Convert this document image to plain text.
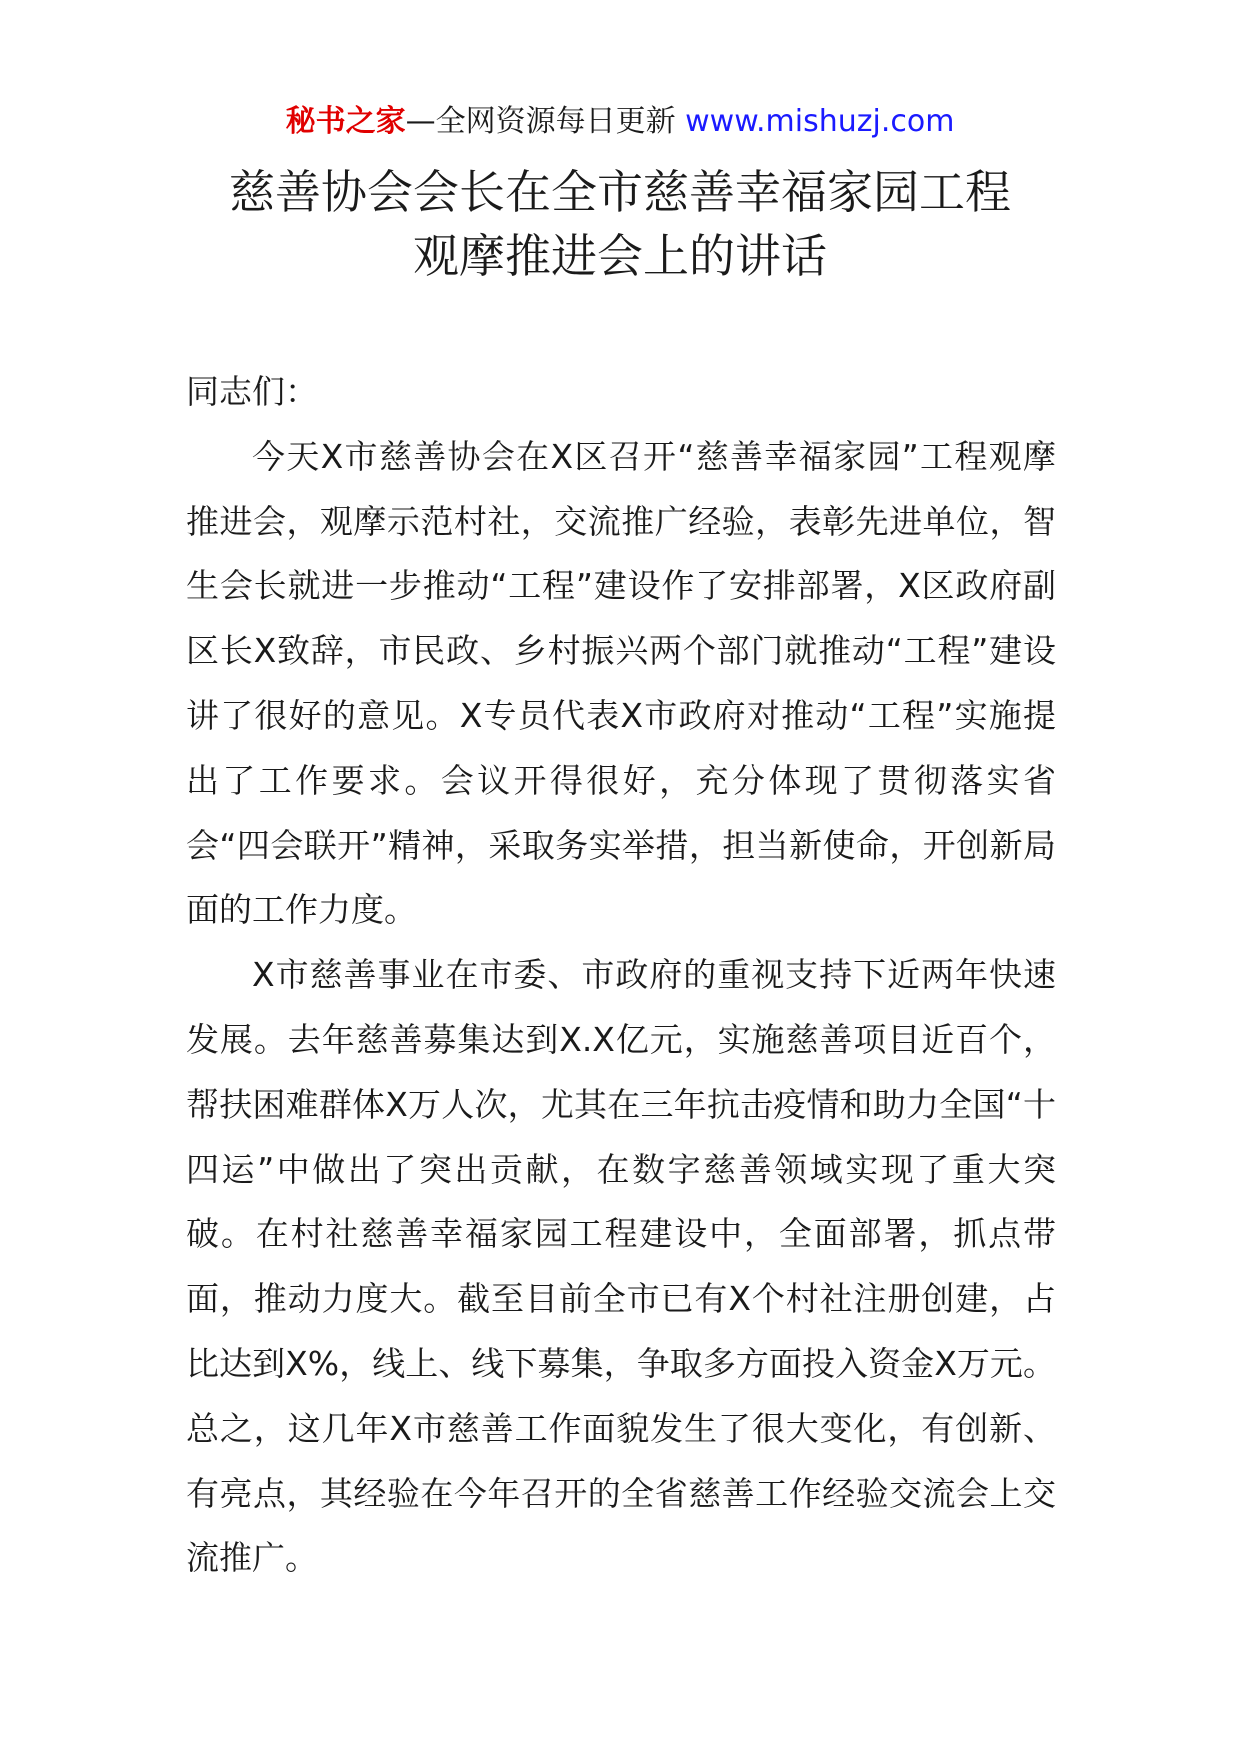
秘书之家—全网资源每日更新 www.mishuzj.com
慈善协会会长在全市慈善幸福家园工程
观摩推进会上的讲话

同志们：

今天X市慈善协会在X区召开“慈善幸福家园”工程观摩推进会，观摩示范村社，交流推广经验，表彰先进单位，智生会长就进一步推动“工程”建设作了安排部署，X区政府副区长X致辞，市民政、乡村振兴两个部门就推动“工程”建设讲了很好的意见。X专员代表X市政府对推动“工程”实施提出了工作要求。会议开得很好，充分体现了贯彻落实省会“四会联开”精神，采取务实举措，担当新使命，开创新局面的工作力度。

X市慈善事业在市委、市政府的重视支持下近两年快速发展。去年慈善募集达到X.X亿元，实施慈善项目近百个，帮扶困难群体X万人次，尤其在三年抗击疫情和助力全国“十四运”中做出了突出贡献，在数字慈善领域实现了重大突破。在村社慈善幸福家园工程建设中，全面部署，抓点带面，推动力度大。截至目前全市已有X个村社注册创建，占比达到X%，线上、线下募集，争取多方面投入资金X万元。总之，这几年X市慈善工作面貌发生了很大变化，有创新、有亮点，其经验在今年召开的全省慈善工作经验交流会上交流推广。
